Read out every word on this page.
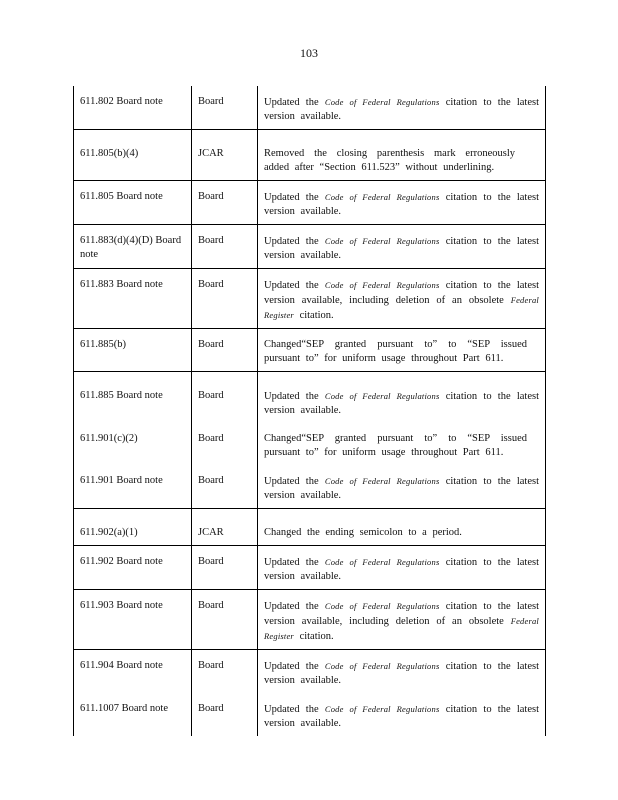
103
611.802 Board note	Board	Updated the Code of Federal Regulations citation to the latest version available.
611.805(b)(4)	JCAR	Removed the closing parenthesis mark erroneously added after “Section 611.523” without underlining.
611.805 Board note	Board	Updated the Code of Federal Regulations citation to the latest version available.
611.883(d)(4)(D) Board note	Board	Updated the Code of Federal Regulations citation to the latest version available.
611.883 Board note	Board	Updated the Code of Federal Regulations citation to the latest version available, including deletion of an obsolete Federal Register citation.
611.885(b)	Board	Changed“SEP granted pursuant to” to “SEP issued pursuant to” for uniform usage throughout Part 611.
611.885 Board note	Board	Updated the Code of Federal Regulations citation to the latest version available.
611.901(c)(2)	Board	Changed“SEP granted pursuant to” to “SEP issued pursuant to” for uniform usage throughout Part 611.
611.901 Board note	Board	Updated the Code of Federal Regulations citation to the latest version available.
611.902(a)(1)	JCAR	Changed the ending semicolon to a period.
611.902 Board note	Board	Updated the Code of Federal Regulations citation to the latest version available.
611.903 Board note	Board	Updated the Code of Federal Regulations citation to the latest version available, including deletion of an obsolete Federal Register citation.
611.904 Board note	Board	Updated the Code of Federal Regulations citation to the latest version available.
611.1007 Board note	Board	Updated the Code of Federal Regulations citation to the latest version available.
